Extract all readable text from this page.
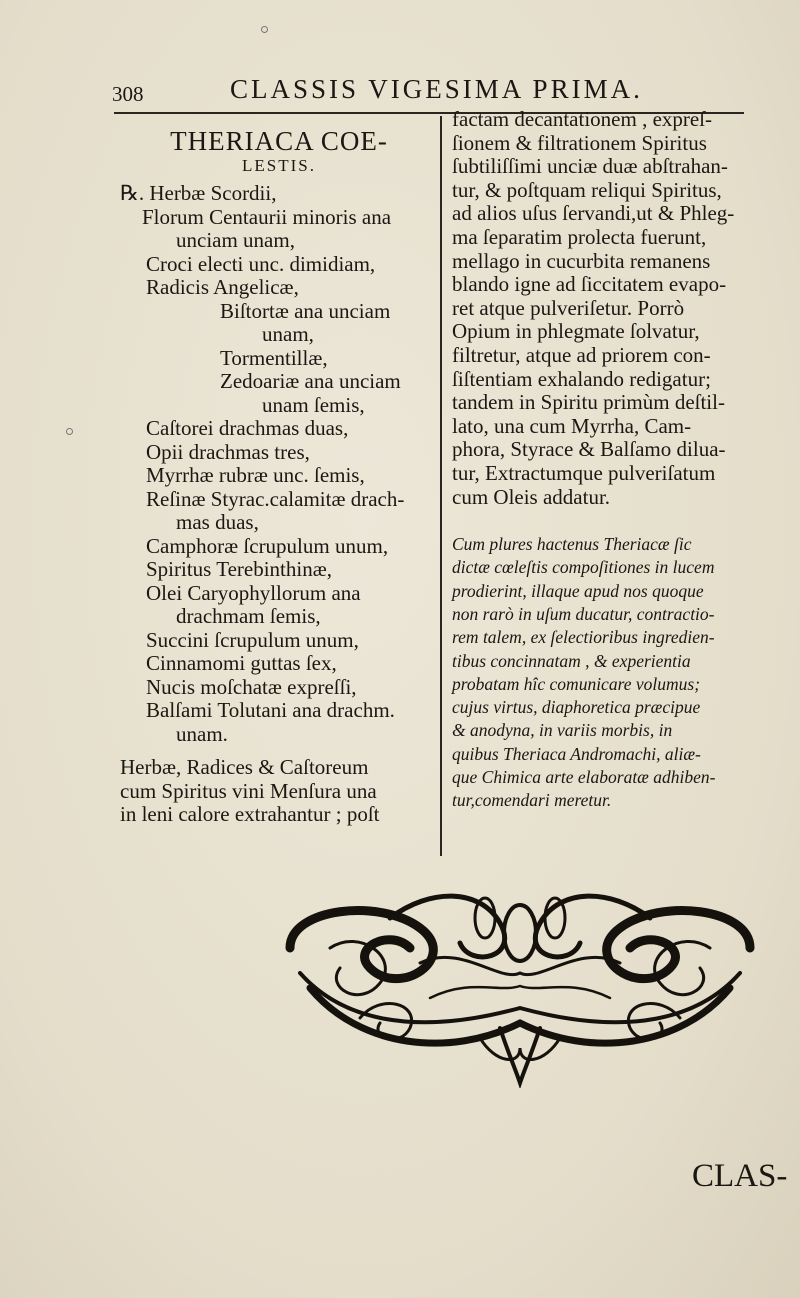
308	CLASSIS VIGESIMA PRIMA.
THERIACA COE-
LESTIS.
℞. Herbæ Scordii,
Florum Centaurii minoris ana
unciam unam,
Croci electi unc. dimidiam,
Radicis Angelicæ,
Biſtortæ ana unciam
unam,
Tormentillæ,
Zedoariæ ana unciam
unam ſemis,
Caſtorei drachmas duas,
Opii drachmas tres,
Myrrhæ rubræ unc. ſemis,
Reſinæ Styrac.calamitæ drach-
mas duas,
Camphoræ ſcrupulum unum,
Spiritus Terebinthinæ,
Olei Caryophyllorum ana
drachmam ſemis,
Succini ſcrupulum unum,
Cinnamomi guttas ſex,
Nucis moſchatæ expreſſi,
Balſami Tolutani ana drachm.
unam.
Herbæ, Radices & Caſtoreum
cum Spiritus vini Menſura una
in leni calore extrahantur ; poſt
factam decantationem , expreſ-
ſionem & filtrationem Spiritus
ſubtiliſſimi unciæ duæ abſtrahan-
tur, & poſtquam reliqui Spiritus,
ad alios uſus ſervandi,ut & Phleg-
ma ſeparatim prolecta fuerunt,
mellago in cucurbita remanens
blando igne ad ſiccitatem evapo-
ret atque pulveriſetur. Porrò
Opium in phlegmate ſolvatur,
filtretur, atque ad priorem con-
ſiſtentiam exhalando redigatur;
tandem in Spiritu primùm deſtil-
lato, una cum Myrrha, Cam-
phora, Styrace & Balſamo dilua-
tur, Extractumque pulveriſatum
cum Oleis addatur.
Cum plures hactenus Theriacæ ſic
dictæ cœleſtis compoſitiones in lucem
prodierint, illaque apud nos quoque
non rarò in uſum ducatur, contractio-
rem talem, ex ſelectioribus ingredien-
tibus concinnatam , & experientia
probatam hîc comunicare volumus;
cujus virtus, diaphoretica præcipue
& anodyna, in variis morbis, in
quibus Theriaca Andromachi, aliæ-
que Chimica arte elaboratæ adhiben-
tur,comendari meretur.
CLAS-
